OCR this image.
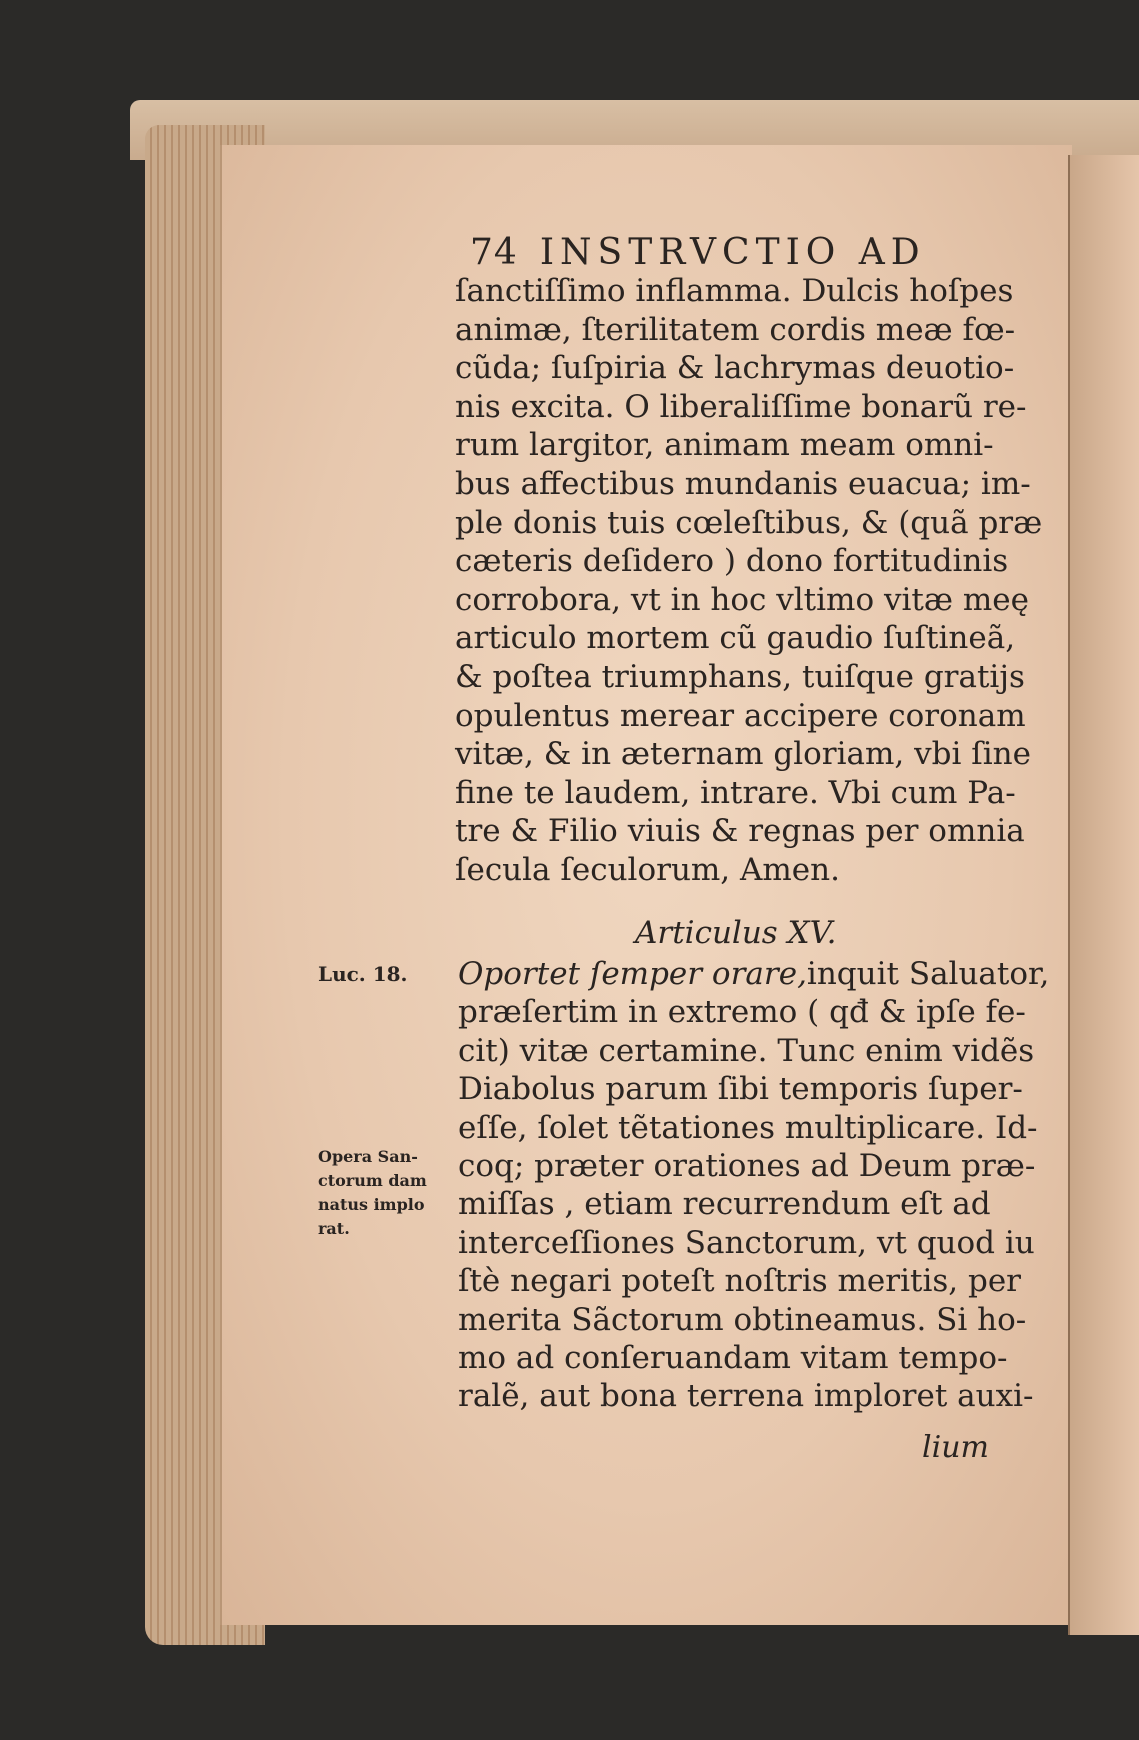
74 INSTRVCTIO AD
ſanctiſſimo inflamma. Dulcis hoſpes
animæ, ſterilitatem cordis meæ fœ-
cũda; ſuſpiria & lachrymas deuotio-
nis excita. O liberaliſſime bonarũ re-
rum largitor, animam meam omni-
bus affectibus mundanis euacua; im-
ple donis tuis cœleſtibus, & (quã præ
cæteris deſidero ) dono fortitudinis
corrobora, vt in hoc vltimo vitæ meę
articulo mortem cũ gaudio ſuſtineã,
& poſtea triumphans, tuiſque gratijs
opulentus merear accipere coronam
vitæ, & in æternam gloriam, vbi ſine
fine te laudem, intrare. Vbi cum Pa-
tre & Filio viuis & regnas per omnia
ſecula ſeculorum, Amen.
Articulus XV.
Luc. 18.
Opera San-
ctorum dam
natus implo
rat.
Oportet ſemper orare,inquit Saluator,
præſertim in extremo ( qđ & ipſe fe-
cit) vitæ certamine. Tunc enim vidẽs
Diabolus parum ſibi temporis ſuper-
eſſe, ſolet tẽtationes multiplicare. Id-
coq; præter orationes ad Deum præ-
miſſas , etiam recurrendum eſt ad
interceſſiones Sanctorum, vt quod iu
ſtè negari poteſt noſtris meritis, per
merita Sãctorum obtineamus. Si ho-
mo ad conſeruandam vitam tempo-
ralẽ, aut bona terrena imploret auxi-
lium
